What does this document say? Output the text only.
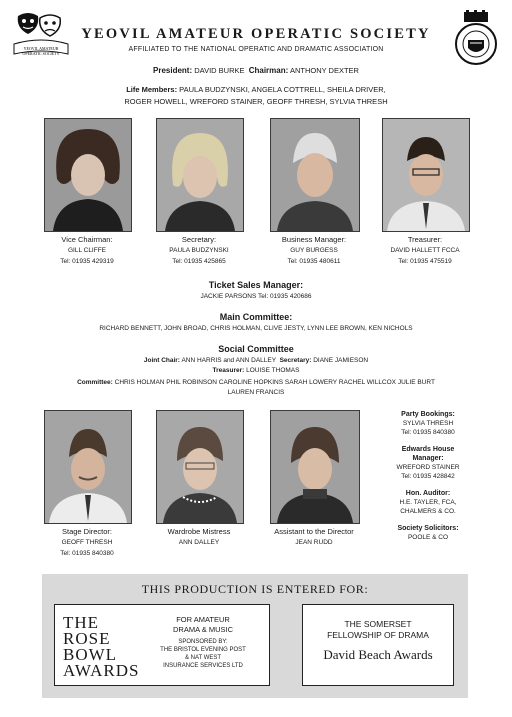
YEOVIL AMATEUR
OPERATIC SOCIETY
YEOVIL AMATEUR OPERATIC SOCIETY
AFFILIATED TO THE NATIONAL OPERATIC AND DRAMATIC ASSOCIATION
President: DAVID BURKE Chairman: ANTHONY DEXTER
Life Members: PAULA BUDZYNSKI, ANGELA COTTRELL, SHEILA DRIVER,
ROGER HOWELL, WREFORD STAINER, GEOFF THRESH, SYLVIA THRESH
Vice Chairman:
GILL CLIFFE
Tel: 01935 429319
Secretary:
PAULA BUDZYNSKI
Tel: 01935 425865
Business Manager:
GUY BURGESS
Tel: 01935 480611
Treasurer:
DAVID HALLETT FCCA
Tel: 01935 475519
Ticket Sales Manager:
JACKIE PARSONS Tel: 01935 420686
Main Committee:
RICHARD BENNETT, JOHN BROAD, CHRIS HOLMAN, CLIVE JESTY, LYNN LEE BROWN, KEN NICHOLS
Social Committee
Joint Chair: ANN HARRIS and ANN DALLEY Secretary: DIANE JAMIESON
Treasurer: LOUISE THOMAS
Committee: CHRIS HOLMAN PHIL ROBINSON CAROLINE HOPKINS SARAH LOWERY RACHEL WILLCOX JULIE BURT
LAUREN FRANCIS
Stage Director:
GEOFF THRESH
Tel: 01935 840380
Wardrobe Mistress
ANN DALLEY
Assistant to the Director
JEAN RUDD
Party Bookings:
SYLVIA THRESH
Tel: 01935 840380
Edwards House
Manager:
WREFORD STAINER
Tel: 01935 428842
Hon. Auditor:
H.E. TAYLER, FCA,
CHALMERS & CO.
Society Solicitors:
POOLE & CO
THIS PRODUCTION IS ENTERED FOR:
THE
ROSE
BOWL
AWARDS
FOR AMATEUR
DRAMA & MUSIC
SPONSORED BY:
THE BRISTOL EVENING POST
& NAT WEST
INSURANCE SERVICES LTD
THE SOMERSET
FELLOWSHIP OF DRAMA
David Beach Awards
